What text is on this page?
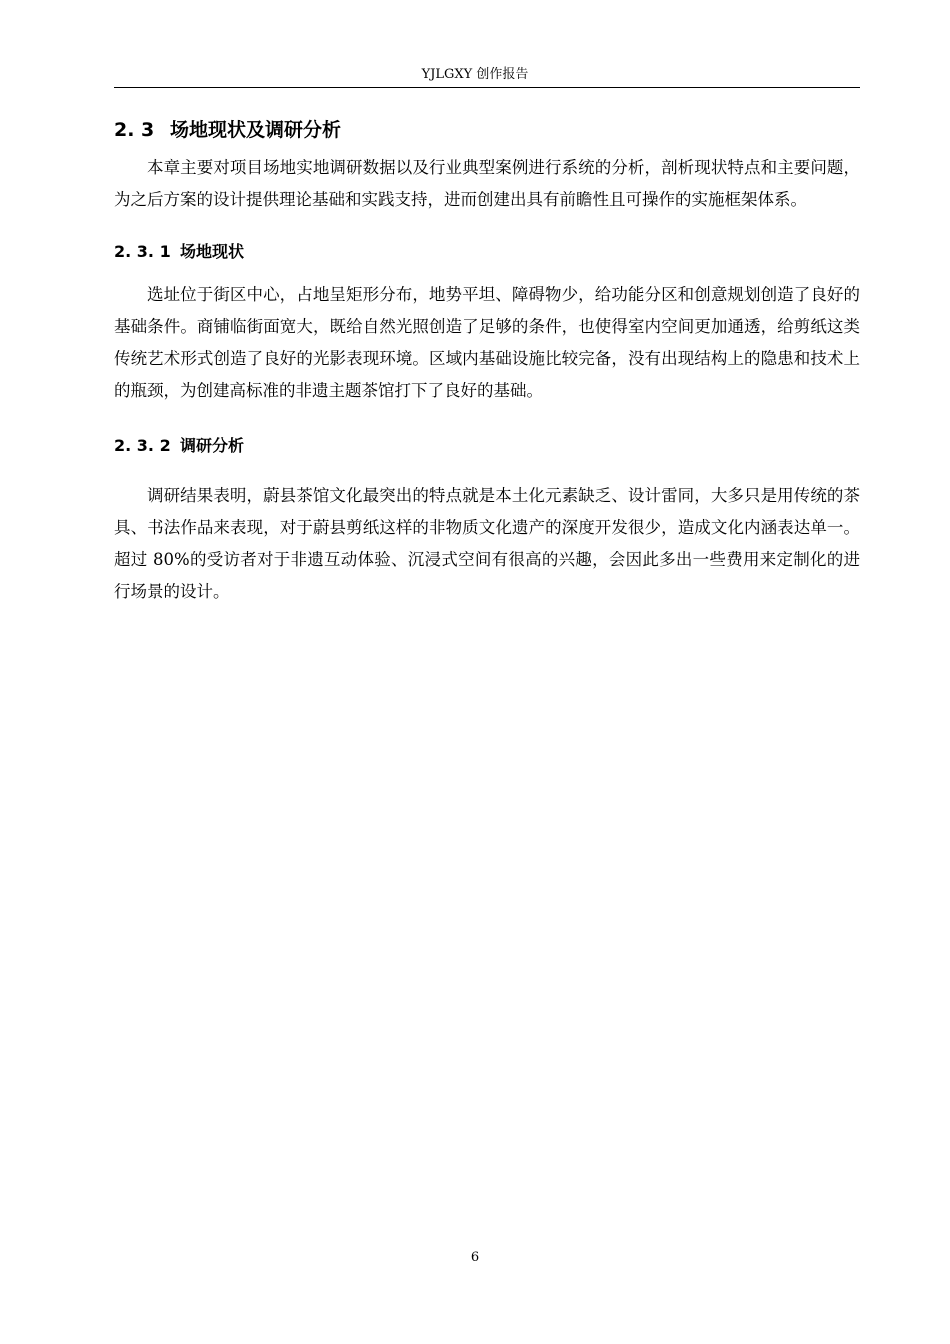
YJLGXY 创作报告
2. 3 场地现状及调研分析

本章主要对项目场地实地调研数据以及行业典型案例进行系统的分析，剖析现状特点和主要问题，为之后方案的设计提供理论基础和实践支持，进而创建出具有前瞻性且可操作的实施框架体系。

2. 3. 1 场地现状

选址位于街区中心，占地呈矩形分布，地势平坦、障碍物少，给功能分区和创意规划创造了良好的基础条件。商铺临街面宽大，既给自然光照创造了足够的条件，也使得室内空间更加通透，给剪纸这类传统艺术形式创造了良好的光影表现环境。区域内基础设施比较完备，没有出现结构上的隐患和技术上的瓶颈，为创建高标准的非遗主题茶馆打下了良好的基础。

2. 3. 2 调研分析

调研结果表明，蔚县茶馆文化最突出的特点就是本土化元素缺乏、设计雷同，大多只是用传统的茶具、书法作品来表现，对于蔚县剪纸这样的非物质文化遗产的深度开发很少，造成文化内涵表达单一。超过 80%的受访者对于非遗互动体验、沉浸式空间有很高的兴趣，会因此多出一些费用来定制化的进行场景的设计。

6
